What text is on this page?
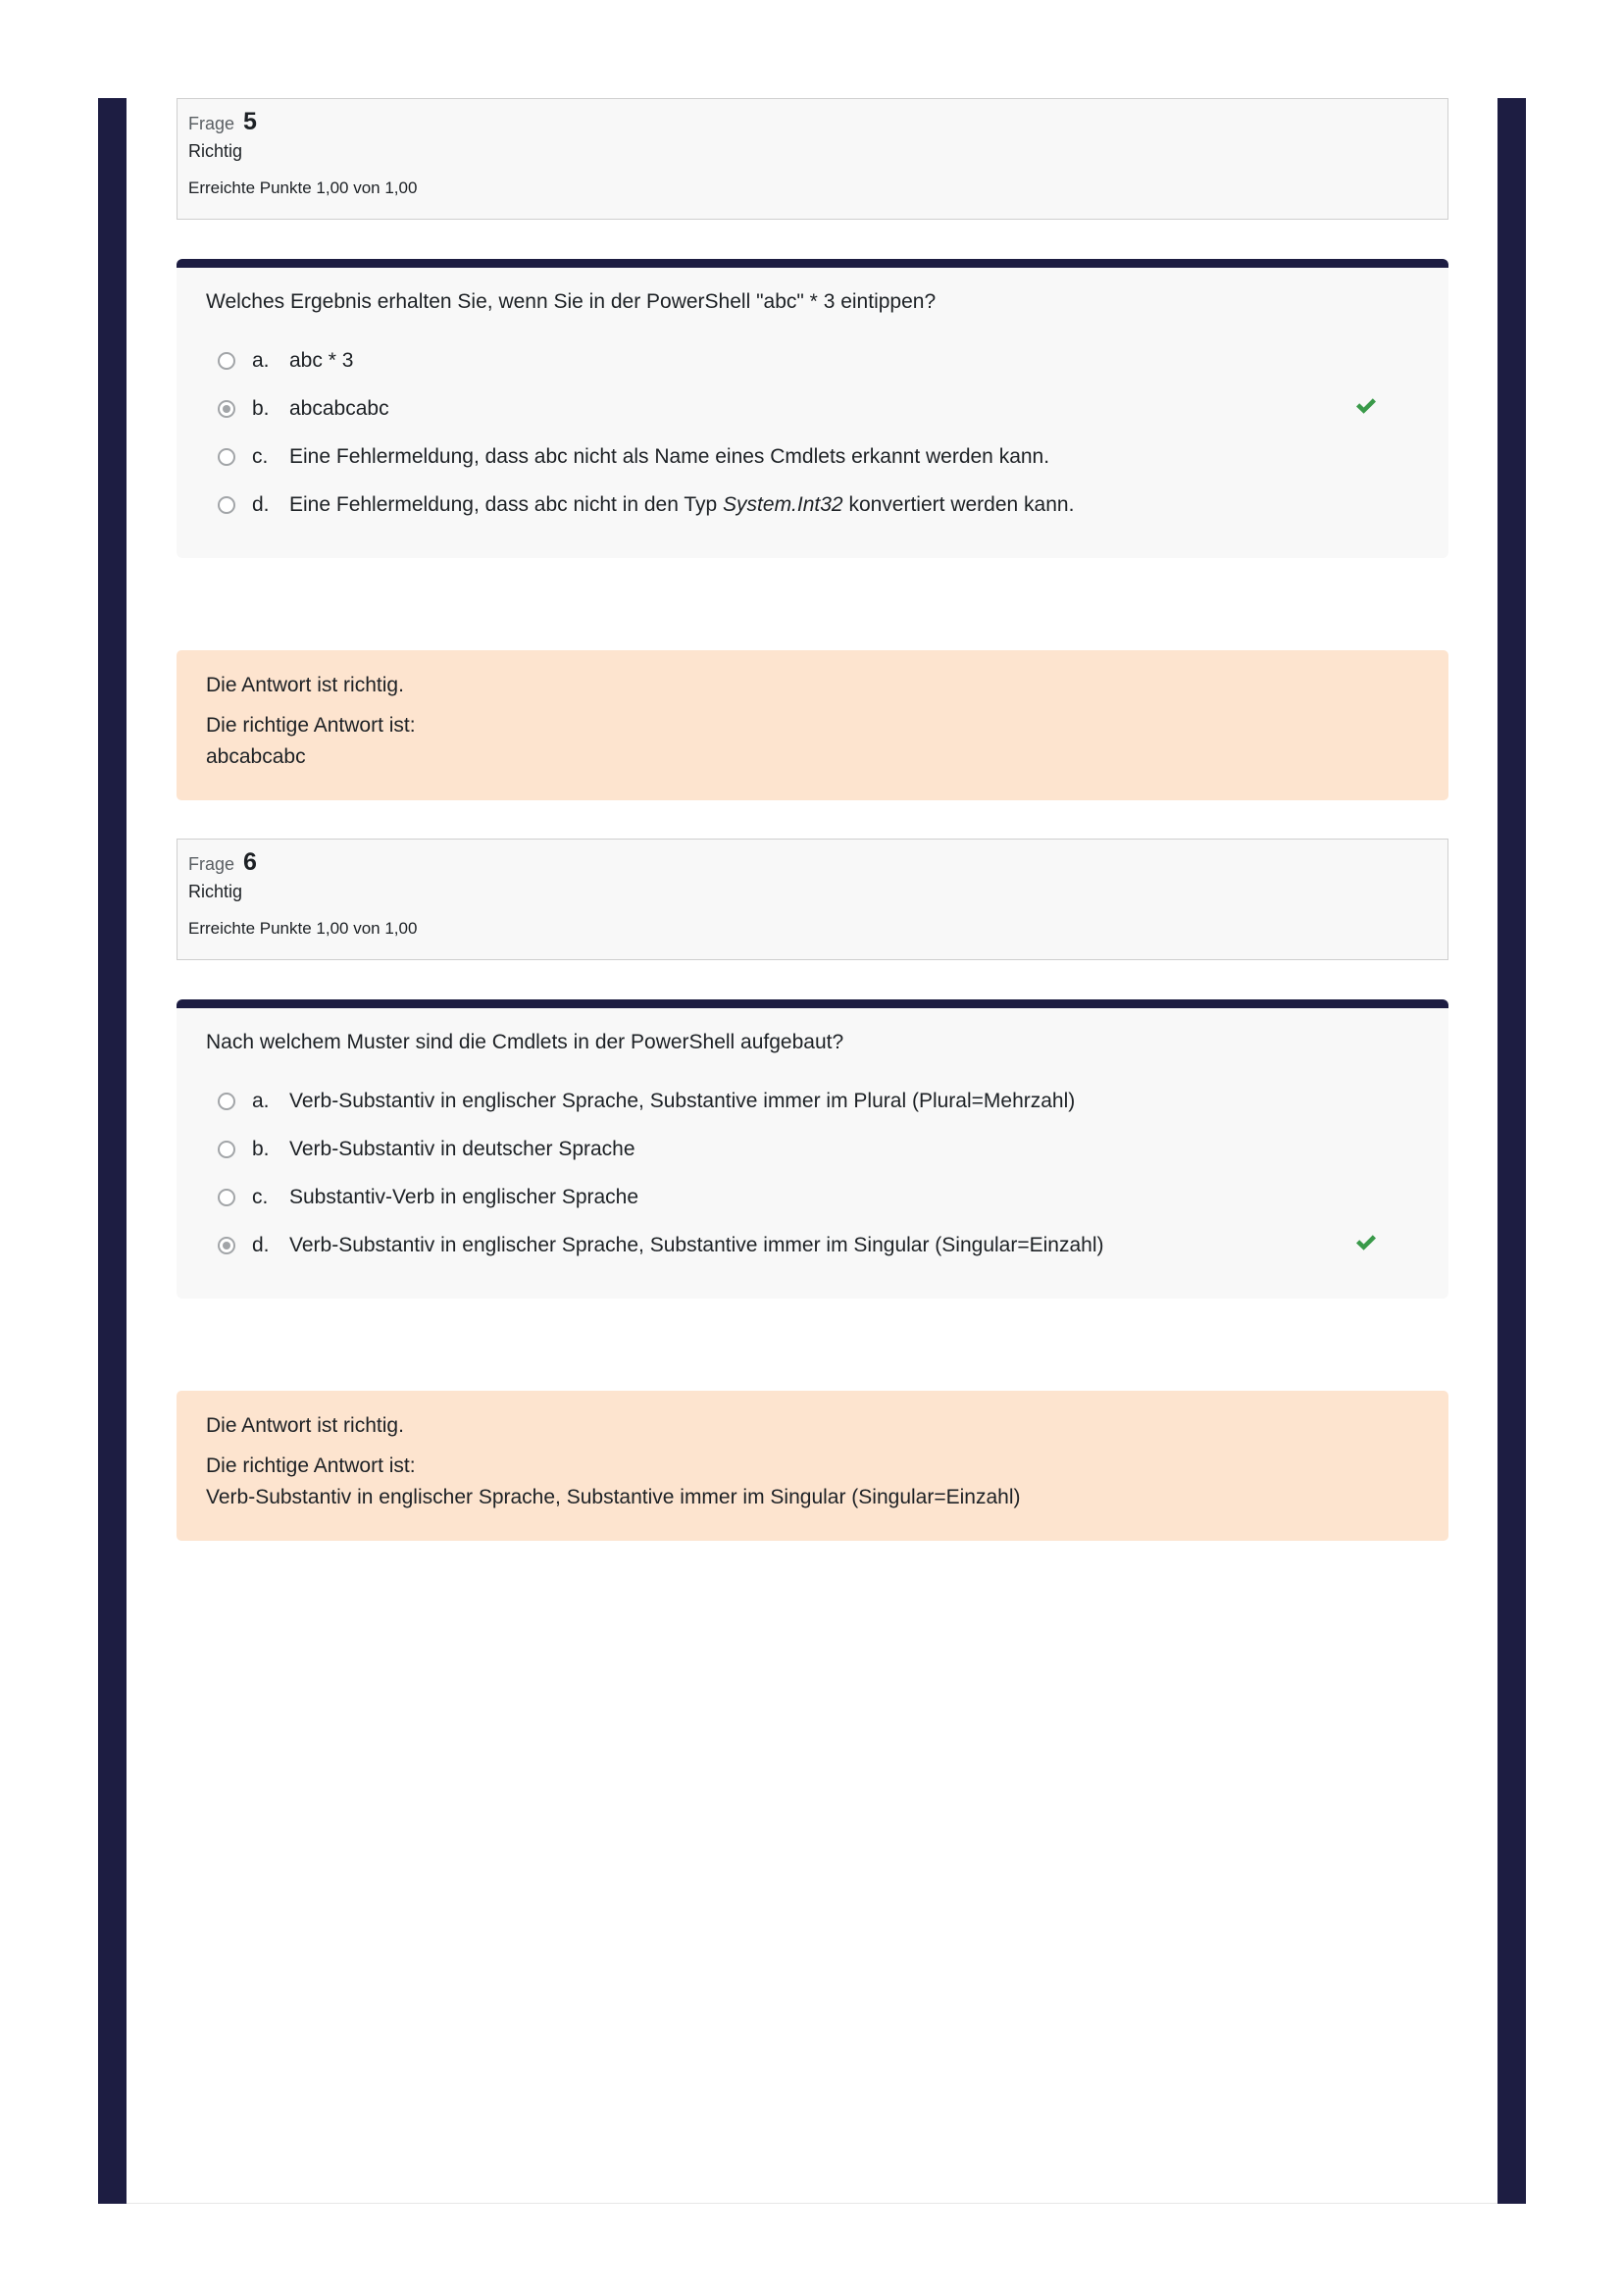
Frage 5
Richtig
Erreichte Punkte 1,00 von 1,00
Welches Ergebnis erhalten Sie, wenn Sie in der PowerShell "abc" * 3 eintippen?
a. abc * 3
b. abcabcabc
c.	Eine Fehlermeldung, dass abc nicht als Name eines Cmdlets erkannt werden kann.
d. Eine Fehlermeldung, dass abc nicht in den Typ System.Int32 konvertiert werden kann.
Die Antwort ist richtig.
Die richtige Antwort ist:
abcabcabc
Frage 6
Richtig
Erreichte Punkte 1,00 von 1,00
Nach welchem Muster sind die Cmdlets in der PowerShell aufgebaut?
a. Verb-Substantiv in englischer Sprache, Substantive immer im Plural (Plural=Mehrzahl)
b. Verb-Substantiv in deutscher Sprache
c.	Substantiv-Verb in englischer Sprache
d. Verb-Substantiv in englischer Sprache, Substantive immer im Singular (Singular=Einzahl)
Die Antwort ist richtig.
Die richtige Antwort ist:
Verb-Substantiv in englischer Sprache, Substantive immer im Singular (Singular=Einzahl)
